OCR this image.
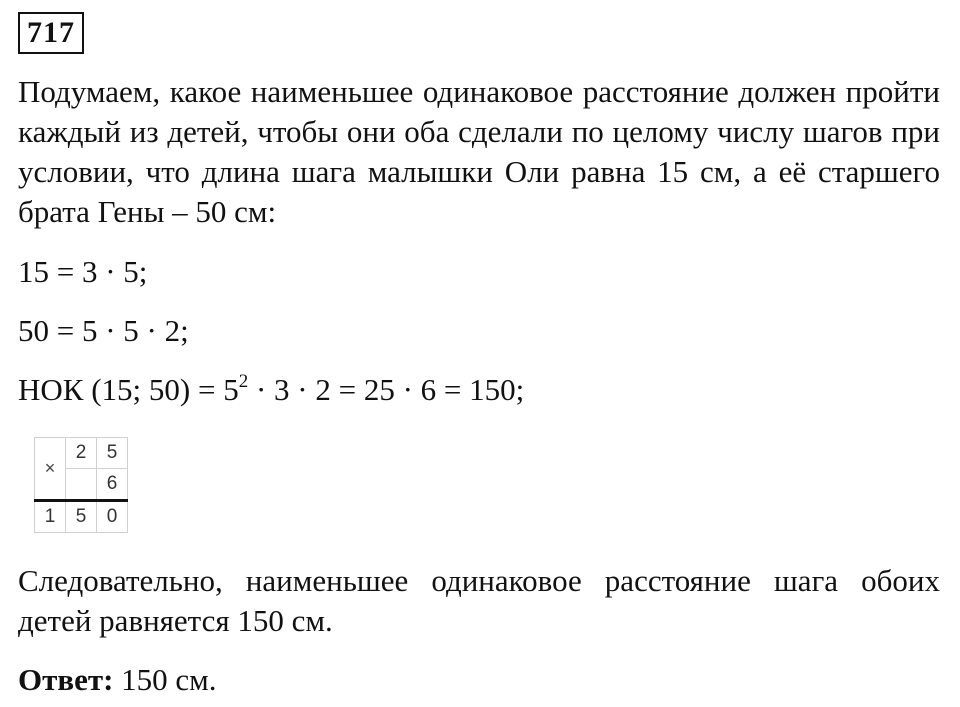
717
Подумаем, какое наименьшее одинаковое расстояние должен пройти каждый из детей, чтобы они оба сделали по целому числу шагов при условии, что длина шага малышки Оли равна 15 см, а её старшего брата Гены – 50 см:
15 = 3 · 5;
50 = 5 · 5 · 2;
НОК (15; $50) = 5^2 \cdot 3 \cdot 2 = 25 \cdot 6 = 150$;
×	2	5
		6
1	5	0
Следовательно, наименьшее одинаковое расстояние шага обоих детей равняется 150 см.
Ответ: 150 см.
